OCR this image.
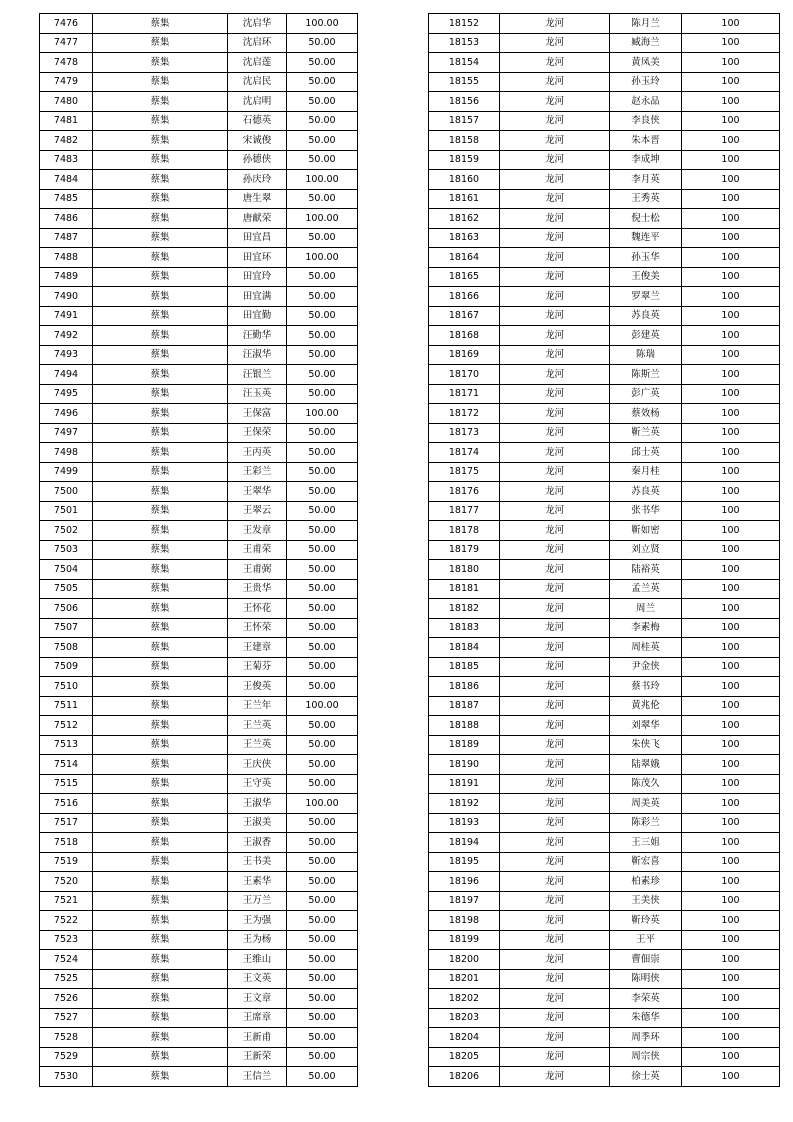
7476	蔡集	沈启华	100.00
7477	蔡集	沈启环	50.00
7478	蔡集	沈启莲	50.00
7479	蔡集	沈启民	50.00
7480	蔡集	沈启明	50.00
7481	蔡集	石德英	50.00
7482	蔡集	宋诚俊	50.00
7483	蔡集	孙德侠	50.00
7484	蔡集	孙庆玲	100.00
7485	蔡集	唐生翠	50.00
7486	蔡集	唐献荣	100.00
7487	蔡集	田宜昌	50.00
7488	蔡集	田宜环	100.00
7489	蔡集	田宜玲	50.00
7490	蔡集	田宜满	50.00
7491	蔡集	田宜勤	50.00
7492	蔡集	汪勤华	50.00
7493	蔡集	汪淑华	50.00
7494	蔡集	汪银兰	50.00
7495	蔡集	汪玉英	50.00
7496	蔡集	王保富	100.00
7497	蔡集	王保荣	50.00
7498	蔡集	王丙英	50.00
7499	蔡集	王彩兰	50.00
7500	蔡集	王翠华	50.00
7501	蔡集	王翠云	50.00
7502	蔡集	王发章	50.00
7503	蔡集	王甫荣	50.00
7504	蔡集	王甫弼	50.00
7505	蔡集	王贵华	50.00
7506	蔡集	王怀花	50.00
7507	蔡集	王怀荣	50.00
7508	蔡集	王建章	50.00
7509	蔡集	王菊芬	50.00
7510	蔡集	王俊英	50.00
7511	蔡集	王兰年	100.00
7512	蔡集	王兰英	50.00
7513	蔡集	王兰英	50.00
7514	蔡集	王庆侠	50.00
7515	蔡集	王守英	50.00
7516	蔡集	王淑华	100.00
7517	蔡集	王淑美	50.00
7518	蔡集	王淑香	50.00
7519	蔡集	王书美	50.00
7520	蔡集	王素华	50.00
7521	蔡集	王万兰	50.00
7522	蔡集	王为强	50.00
7523	蔡集	王为杨	50.00
7524	蔡集	王维山	50.00
7525	蔡集	王文英	50.00
7526	蔡集	王文章	50.00
7527	蔡集	王席章	50.00
7528	蔡集	王新甫	50.00
7529	蔡集	王新荣	50.00
7530	蔡集	王信兰	50.00
18152	龙河	陈月兰	100
18153	龙河	臧海兰	100
18154	龙河	黄凤美	100
18155	龙河	孙玉玲	100
18156	龙河	赵永品	100
18157	龙河	李良侠	100
18158	龙河	朱本晋	100
18159	龙河	李成坤	100
18160	龙河	李月英	100
18161	龙河	王秀英	100
18162	龙河	倪士松	100
18163	龙河	魏连平	100
18164	龙河	孙玉华	100
18165	龙河	王俊美	100
18166	龙河	罗翠兰	100
18167	龙河	苏良英	100
18168	龙河	彭建英	100
18169	龙河	陈瑞	100
18170	龙河	陈斯兰	100
18171	龙河	彭广英	100
18172	龙河	蔡效杨	100
18173	龙河	靳兰英	100
18174	龙河	邱士英	100
18175	龙河	秦月桂	100
18176	龙河	苏良英	100
18177	龙河	张书华	100
18178	龙河	靳如密	100
18179	龙河	刘立贤	100
18180	龙河	陆裕英	100
18181	龙河	孟兰英	100
18182	龙河	周兰	100
18183	龙河	李素梅	100
18184	龙河	周桂英	100
18185	龙河	尹金侠	100
18186	龙河	蔡书玲	100
18187	龙河	黄兆伦	100
18188	龙河	刘翠华	100
18189	龙河	朱侠飞	100
18190	龙河	陆翠娥	100
18191	龙河	陈茂久	100
18192	龙河	周美英	100
18193	龙河	陈彩兰	100
18194	龙河	王三姐	100
18195	龙河	靳宏喜	100
18196	龙河	柏素珍	100
18197	龙河	王美侠	100
18198	龙河	靳玲英	100
18199	龙河	王平	100
18200	龙河	曹佃崇	100
18201	龙河	陈明侠	100
18202	龙河	李荣英	100
18203	龙河	朱德华	100
18204	龙河	周季环	100
18205	龙河	周宗侠	100
18206	龙河	徐士英	100
